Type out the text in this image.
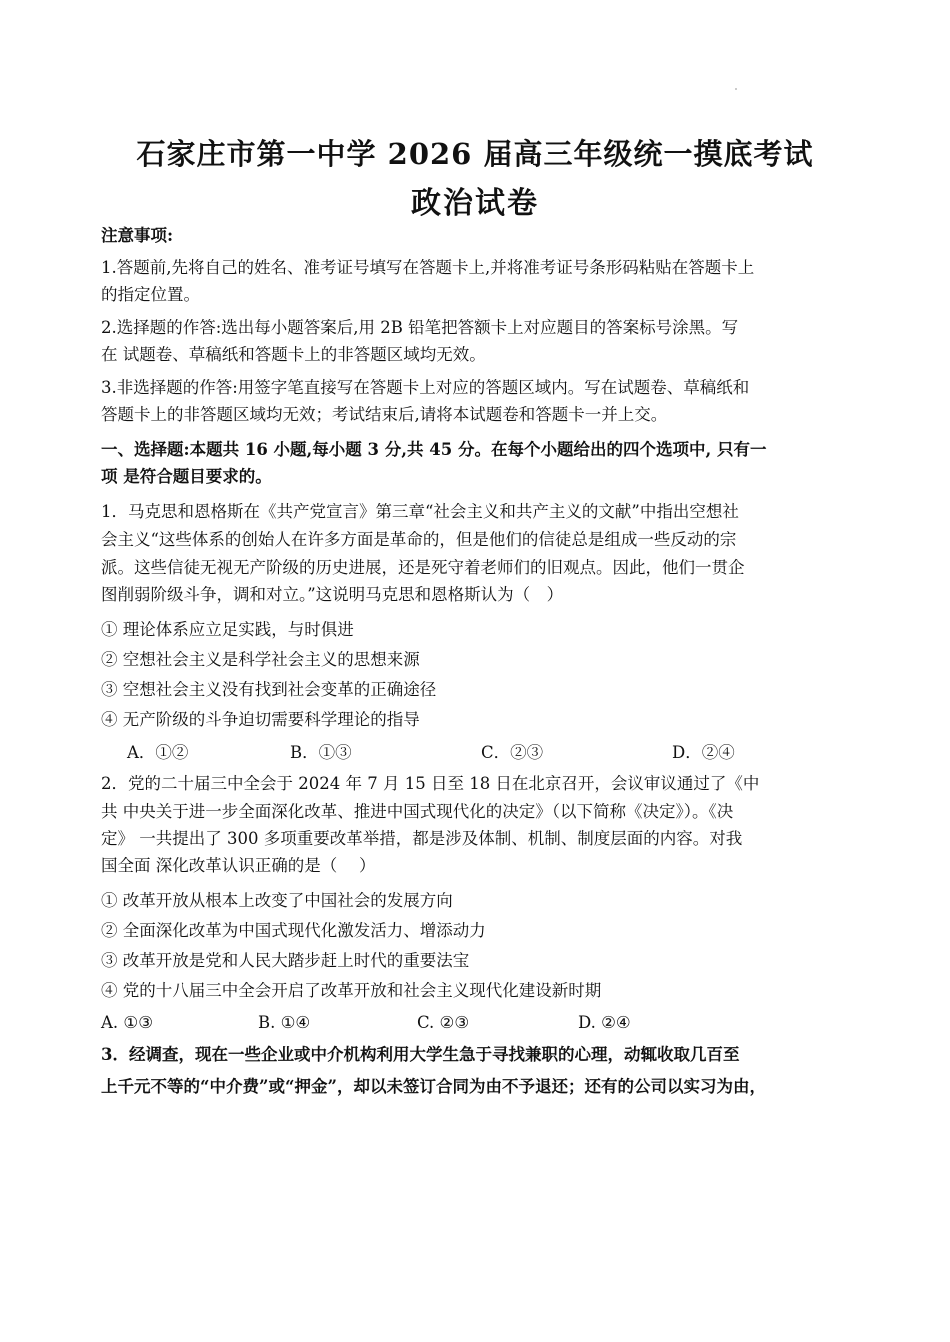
石家庄市第一中学 2026 届高三年级统一摸底考试
政治试卷
注意事项:
1.答题前,先将自己的姓名、准考证号填写在答题卡上,并将准考证号条形码粘贴在答题卡上
的指定位置。
2.选择题的作答:选出每小题答案后,用 2B 铅笔把答额卡上对应题目的答案标号涂黑。写
在 试题卷、草稿纸和答题卡上的非答题区域均无效。
3.非选择题的作答:用签字笔直接写在答题卡上对应的答题区域内。写在试题卷、草稿纸和
答题卡上的非答题区域均无效；考试结束后,请将本试题卷和答题卡一并上交。
一、选择题:本题共 16 小题,每小题 3 分,共 45 分。在每个小题给出的四个选项中, 只有一
项 是符合题目要求的。
1．马克思和恩格斯在《共产党宣言》第三章“社会主义和共产主义的文献”中指出空想社
会主义“这些体系的创始人在许多方面是革命的，但是他们的信徒总是组成一些反动的宗
派。这些信徒无视无产阶级的历史进展，还是死守着老师们的旧观点。因此，他们一贯企
图削弱阶级斗争，调和对立。”这说明马克思和恩格斯认为（　）
① 理论体系应立足实践，与时俱进
② 空想社会主义是科学社会主义的思想来源
③ 空想社会主义没有找到社会变革的正确途径
④ 无产阶级的斗争迫切需要科学理论的指导
A．①②	B．①③	C．②③	D．②④
2．党的二十届三中全会于 2024 年 7 月 15 日至 18 日在北京召开，会议审议通过了《中
共 中央关于进一步全面深化改革、推进中国式现代化的决定》（以下简称《决定》）。《决
定》 一共提出了 300 多项重要改革举措，都是涉及体制、机制、制度层面的内容。对我
国全面 深化改革认识正确的是（　 ）
① 改革开放从根本上改变了中国社会的发展方向
② 全面深化改革为中国式现代化激发活力、增添动力
③ 改革开放是党和人民大踏步赶上时代的重要法宝
④ 党的十八届三中全会开启了改革开放和社会主义现代化建设新时期
A. ①③	B. ①④	C. ②③	D. ②④
3．经调查，现在一些企业或中介机构利用大学生急于寻找兼职的心理，动辄收取几百至
上千元不等的“中介费”或“押金”，却以未签订合同为由不予退还；还有的公司以实习为由，
